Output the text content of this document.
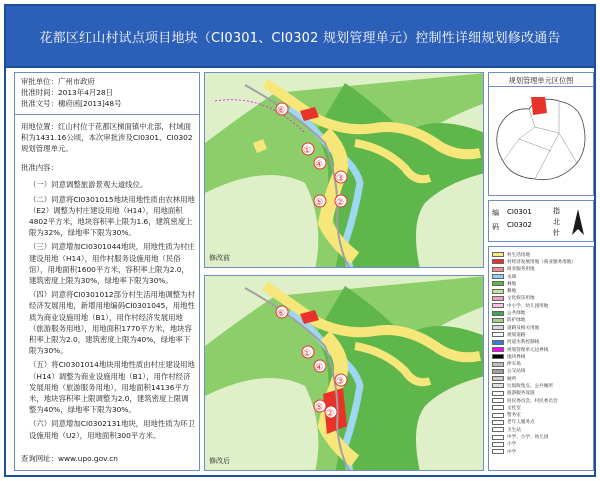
花都区红山村试点项目地块（CI0301、CI0302 规划管理单元）控制性详细规划修改通告
审批单位：广州市政府
批准时间：2013年4月28日
批准文号：穗府函[2013]48号

用地位置：红山村位于花都区梯面镇中北部，村域面积为1431.16公顷，本次审批涉及CI0301、CI0302规划管理单元。

批准内容：

（一）同意调整旅游景观大道线位。

（二）同意将CI0301015地块用地性质由农林用地（E2）调整为村庄建设用地（H14），用地面积4802平方米，地块容积率上限为1.6，建筑密度上限为32%，绿地率下限为30%。

（三）同意增加CI0301044地块，用地性质为村庄建设用地（H14），用作村服务设施用地（民俗馆），用地面积1600平方米，容积率上限为2.0，建筑密度上限为30%，绿地率下限为30%。

（四）同意将CI0301012部分村生活用地调整为村经济发展用地，新增用地编码CI0301045，用地性质为商业设施用地（B1），用作村经济发展用地（旅游服务用地），用地面积1770平方米，地块容积率上限为2.0，建筑密度上限为40%，绿地率下限为30%。

（五）将CI0301014地块用地性质由村庄建设用地（H14）调整为商业设施用地（B1），用作村经济发展用地（旅游服务用地），用地面积14136平方米，地块容积率上限调整为2.0，建筑密度上限调整为40%，绿地率下限为30%。

（六）同意增加CI0302131地块，用地性质为环卫设施用地（U2），用地面积300平方米。

查询网址：www.upo.gov.cn
⑥
①
④
③
⑤ ②
修改前
⑥
①
④
③
⑤
②
修改后
规划管理单元区位图
编码
CI0301
CI0302
指北针
村生活用地
村经济发展用地（商业服务用地）
商业服务用地
水域
林地
耕地
文化娱乐用地
中小学、幼儿园用地
公共绿地
防护绿地
道路及相关用地
规划道路
河道水系控制线
规划管理单元边界线
地块界线
停车场
公交站场
厕所
垃圾收集点、公共厕所
旅游服务设施
居民委员会、村民委员会
文化室
警务室
老年人服务点
卫生站
中学、小学、幼儿园
小学
中学
